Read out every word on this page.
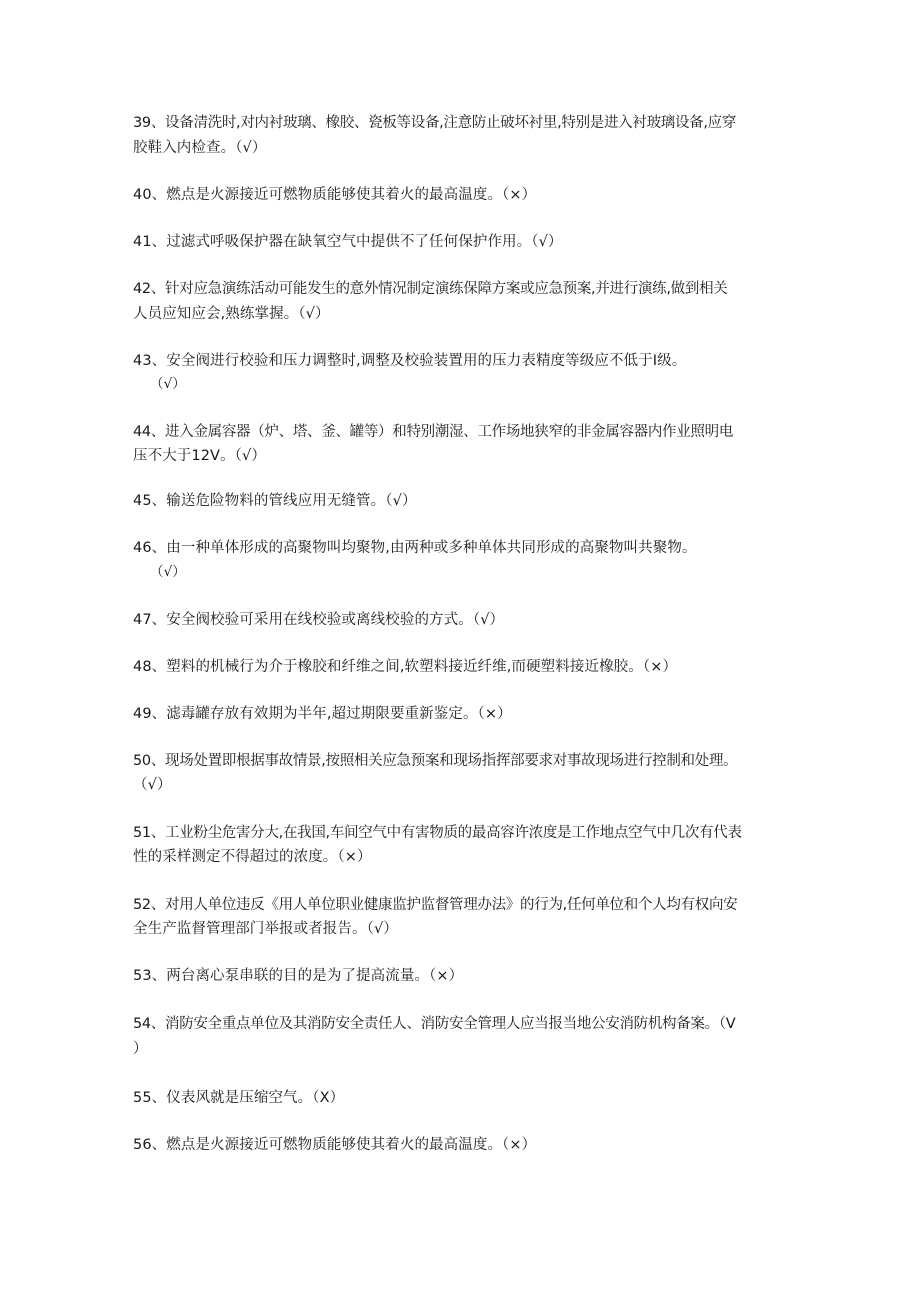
39、设备清洗时,对内衬玻璃、橡胶、瓷板等设备,注意防止破坏衬里,特别是进入衬玻璃设备,应穿
胶鞋入内检查。（√）
40、燃点是火源接近可燃物质能够使其着火的最高温度。（×）
41、过滤式呼吸保护器在缺氧空气中提供不了任何保护作用。（√）
42、针对应急演练活动可能发生的意外情况制定演练保障方案或应急预案,并进行演练,做到相关
人员应知应会,熟练掌握。（√）
43、安全阀进行校验和压力调整时,调整及校验装置用的压力表精度等级应不低于Ⅰ级。
（√）
44、进入金属容器（炉、塔、釜、罐等）和特别潮湿、工作场地狭窄的非金属容器内作业照明电
压不大于12V。（√）
45、输送危险物料的管线应用无缝管。（√）
46、由一种单体形成的高聚物叫均聚物,由两种或多种单体共同形成的高聚物叫共聚物。
（√）
47、安全阀校验可采用在线校验或离线校验的方式。（√）
48、塑料的机械行为介于橡胶和纤维之间,软塑料接近纤维,而硬塑料接近橡胶。（×）
49、滤毒罐存放有效期为半年,超过期限要重新鉴定。（×）
50、现场处置即根据事故情景,按照相关应急预案和现场指挥部要求对事故现场进行控制和处理。
（√）
51、工业粉尘危害分大,在我国,车间空气中有害物质的最高容许浓度是工作地点空气中几次有代表
性的采样测定不得超过的浓度。（×）
52、对用人单位违反《用人单位职业健康监护监督管理办法》的行为,任何单位和个人均有权向安
全生产监督管理部门举报或者报告。（√）
53、两台离心泵串联的目的是为了提高流量。（×）
54、消防安全重点单位及其消防安全责任人、消防安全管理人应当报当地公安消防机构备案。（V
）
55、仪表风就是压缩空气。（X）
56、燃点是火源接近可燃物质能够使其着火的最高温度。（×）
